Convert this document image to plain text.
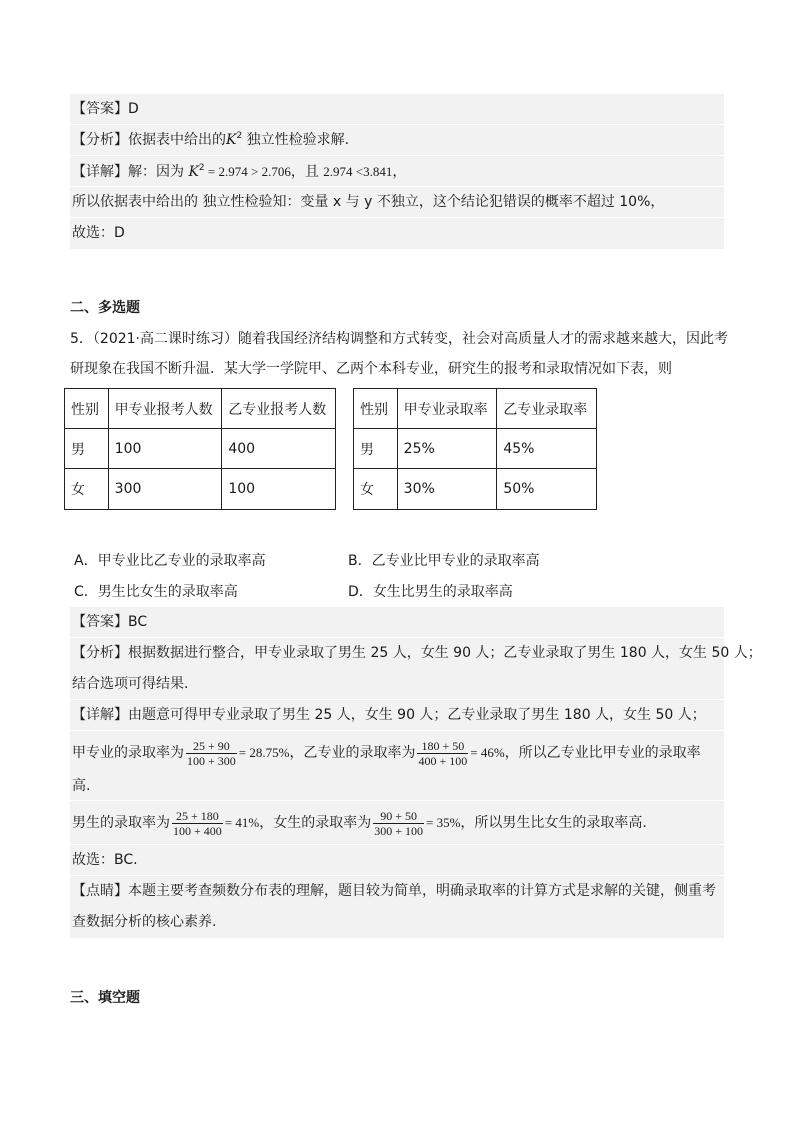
【答案】D
【分析】依据表中给出的$K^2$ 独立性检验求解.
【详解】解：因为 $K^2 = 2.974 > 2.706$，且 2.974 <3.841，
所以依据表中给出的 独立性检验知：变量 x 与 y 不独立，这个结论犯错误的概率不超过 10%，
故选：D
二、多选题
5．（2021·高二课时练习）随着我国经济结构调整和方式转变，社会对高质量人才的需求越来越大，因此考
研现象在我国不断升温．某大学一学院甲、乙两个本科专业，研究生的报考和录取情况如下表，则
性别	甲专业报考人数	乙专业报考人数
男	100	400
女	300	100
性别	甲专业录取率	乙专业录取率
男	25%	45%
女	30%	50%
A．甲专业比乙专业的录取率高	B．乙专业比甲专业的录取率高
C．男生比女生的录取率高	D．女生比男生的录取率高
【答案】BC
【分析】根据数据进行整合，甲专业录取了男生 25 人，女生 90 人；乙专业录取了男生 180 人，女生 50 人；
结合选项可得结果.
【详解】由题意可得甲专业录取了男生 25 人，女生 90 人；乙专业录取了男生 180 人，女生 50 人；
甲专业的录取率为 $\frac{25 + 90}{100 + 300} = 28.75\%$，乙专业的录取率为 $\frac{180 + 50}{400 + 100} = 46\%$，所以乙专业比甲专业的录取率
高.
男生的录取率为 $\frac{25 + 180}{100 + 400} = 41\%$，女生的录取率为 $\frac{90 + 50}{300 + 100} = 35\%$，所以男生比女生的录取率高.
故选：BC.
【点睛】本题主要考查频数分布表的理解，题目较为简单，明确录取率的计算方式是求解的关键，侧重考
查数据分析的核心素养.
三、填空题
